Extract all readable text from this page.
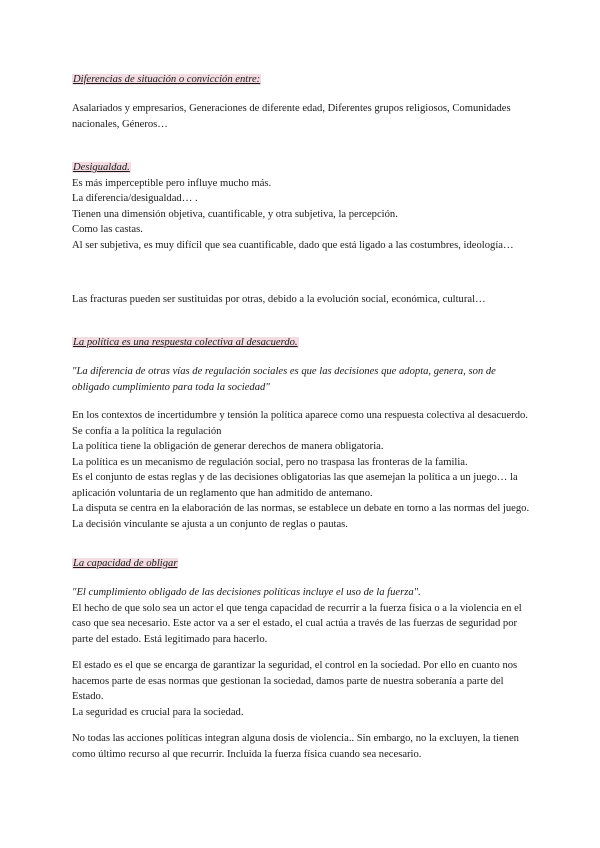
Diferencias de situación o convicción entre:

Asalariados y empresarios, Generaciones de diferente edad, Diferentes grupos religiosos, Comunidades nacionales, Géneros…

Desigualdad.

Es más imperceptible pero influye mucho más.

La diferencia/desigualdad… .

Tienen una dimensión objetiva, cuantificable, y otra subjetiva, la percepción.

Como las castas.

Al ser subjetiva, es muy difícil que sea cuantificable, dado que está ligado a las costumbres, ideología…

Las fracturas pueden ser sustituidas por otras, debido a la evolución social, económica, cultural…

La política es una respuesta colectiva al desacuerdo.

"La diferencia de otras vías de regulación sociales es que las decisiones que adopta, genera, son de obligado cumplimiento para toda la sociedad"

En los contextos de incertidumbre y tensión la política aparece como una respuesta colectiva al desacuerdo.

Se confía a la política la regulación

La política tiene la obligación de generar derechos de manera obligatoria.

La política es un mecanismo de regulación social, pero no traspasa las fronteras de la familia.

Es el conjunto de estas reglas y de las decisiones obligatorias las que asemejan la política a un juego… la aplicación voluntaria de un reglamento que han admitido de antemano.

La disputa se centra en la elaboración de las normas, se establece un debate en torno a las normas del juego. La decisión vinculante se ajusta a un conjunto de reglas o pautas.

La capacidad de obligar

"El cumplimiento obligado de las decisiones políticas incluye el uso de la fuerza".

El hecho de que solo sea un actor el que tenga capacidad de recurrir a la fuerza física o a la violencia en el caso que sea necesario. Este actor va a ser el estado, el cual actúa a través de las fuerzas de seguridad por parte del estado. Está legitimado para hacerlo.

El estado es el que se encarga de garantizar la seguridad, el control en la sociedad. Por ello en cuanto nos hacemos parte de esas normas que gestionan la sociedad, damos parte de nuestra soberanía a parte del Estado.

La seguridad es crucial para la sociedad.

No todas las acciones políticas integran alguna dosis de violencia.. Sin embargo, no la excluyen, la tienen como último recurso al que recurrir. Incluida la fuerza física cuando sea necesario.
